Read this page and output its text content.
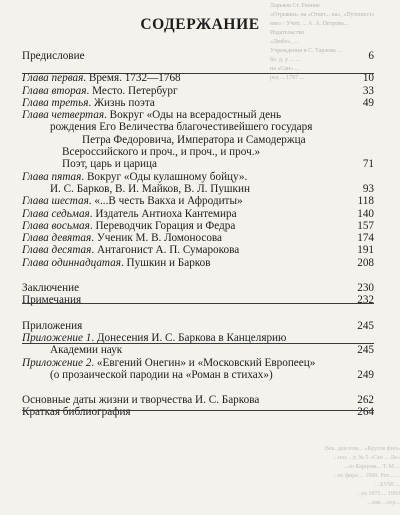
Ларьков Ст. Ранние
«Отрывки» на «Ответ... на», «Путешест»
вие» / Учит, ... А. А. Петрова...
Издательство
«Любо», ...
Учреждения и С. Тарлова ...
бл. д. у ... ...
на «Сан» ...
ред ... 1797 ...
Век. дни пом... «Кругов фио»
...нос ...т, № 5 «Сан ... Ле»
...ло Карцова... Т. М....
...нс фира ... 1990. Реп... ...
...XVIII ...
...ук 1975 ... 1993
...евв ...отр...
СОДЕРЖАНИЕ
Предисловие	6
Глава первая. Время. 1732—1768	10
Глава вторая. Место. Петербург	33
Глава третья. Жизнь поэта	49
Глава четвертая. Вокруг «Оды на всерадостный день
рождения Его Величества благочестивейшего государя
Петра Федоровича, Императора и Самодержца
Всероссийского и проч., и проч., и проч.»
Поэт, царь и царица	71
Глава пятая. Вокруг «Оды кулашному бойцу».
И. С. Барков, В. И. Майков, В. Л. Пушкин	93
Глава шестая. «...В честь Вакха и Афродиты»	118
Глава седьмая. Издатель Антиоха Кантемира	140
Глава восьмая. Переводчик Горация и Федра	157
Глава девятая. Ученик М. В. Ломоносова	174
Глава десятая. Антагонист А. П. Сумарокова	191
Глава одиннадцатая. Пушкин и Барков	208
Заключение	230
Примечания	232
Приложения	245
Приложение 1. Донесения И. С. Баркова в Канцелярию
Академии наук	245
Приложение 2. «Евгений Онегин» и «Московский Европеец»
(о прозаической пародии на «Роман в стихах»)	249
Основные даты жизни и творчества И. С. Баркова	262
Краткая библиография	264
